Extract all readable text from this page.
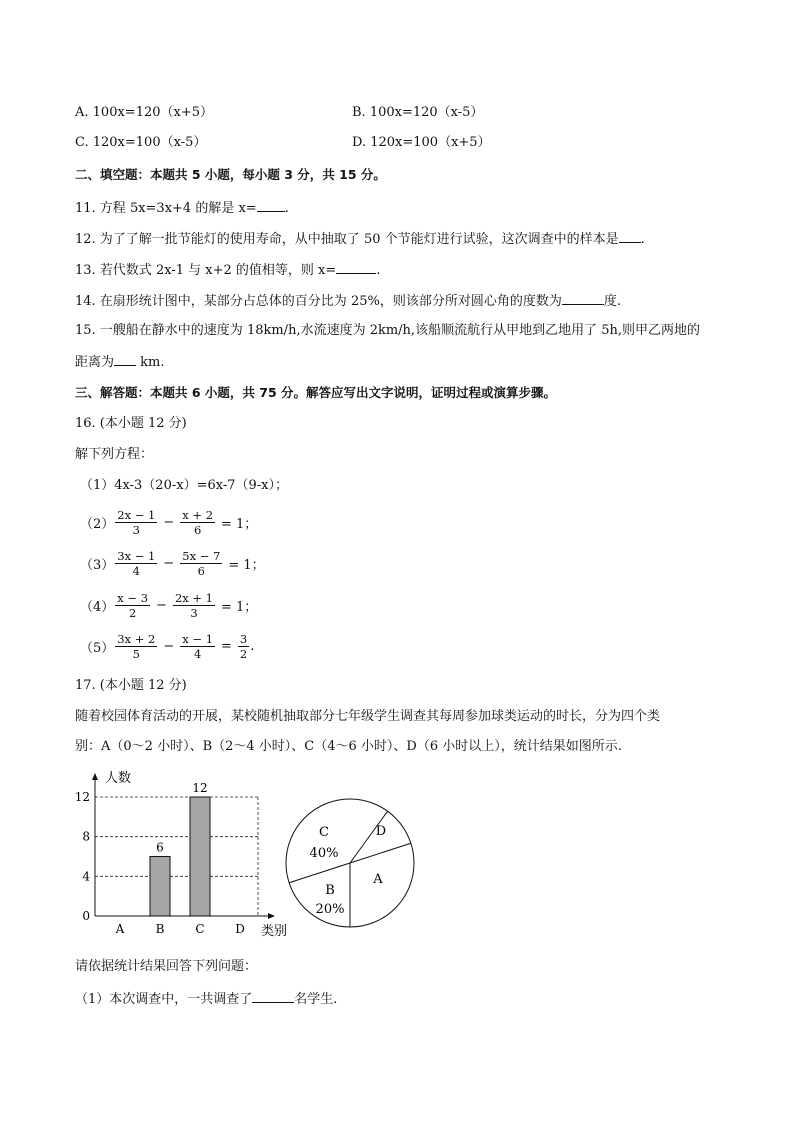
A. 100x=120（x+5）	B. 100x=120（x-5）
C. 120x=100（x-5）	D. 120x=100（x+5）
二、填空题：本题共 5 小题，每小题 3 分，共 15 分。
11. 方程 5x=3x+4 的解是 x= .
12. 为了了解一批节能灯的使用寿命，从中抽取了 50 个节能灯进行试验，这次调查中的样本是 .
13. 若代数式 2x-1 与 x+2 的值相等，则 x=	.
14. 在扇形统计图中，某部分占总体的百分比为 25%，则该部分所对圆心角的度数为	度.
15. 一艘船在静水中的速度为 18km/h,水流速度为 2km/h,该船顺流航行从甲地到乙地用了 5h,则甲乙两地的
距离为 km.
三、解答题：本题共 6 小题，共 75 分。解答应写出文字说明，证明过程或演算步骤。
16. (本小题 12 分)
解下列方程：
（1）4x-3（20-x）=6x-7（9-x）；
$(2) \frac{2x - 1}{3} - \frac{x + 2}{6} = 1$；
$(3) \frac{3x - 1}{4} - \frac{5x - 7}{6} = 1$；
$(4) \frac{x - 3}{2} - \frac{2x + 1}{3} = 1$；
$(5) \frac{3x + 2}{5} - \frac{x - 1}{4} = \frac{3}{2}$ .
17. (本小题 12 分)
随着校园体育活动的开展，某校随机抽取部分七年级学生调查其每周参加球类运动的时长，分为四个类
别：A（0～2 小时）、B（2～4 小时）、C（4～6 小时）、D（6 小时以上），统计结果如图所示.
0
4
8
12
人数
类别
A	B
6
C
12
D
A
B
20%
C
40%
D
请依据统计结果回答下列问题：
（1）本次调查中，一共调查了	名学生.
